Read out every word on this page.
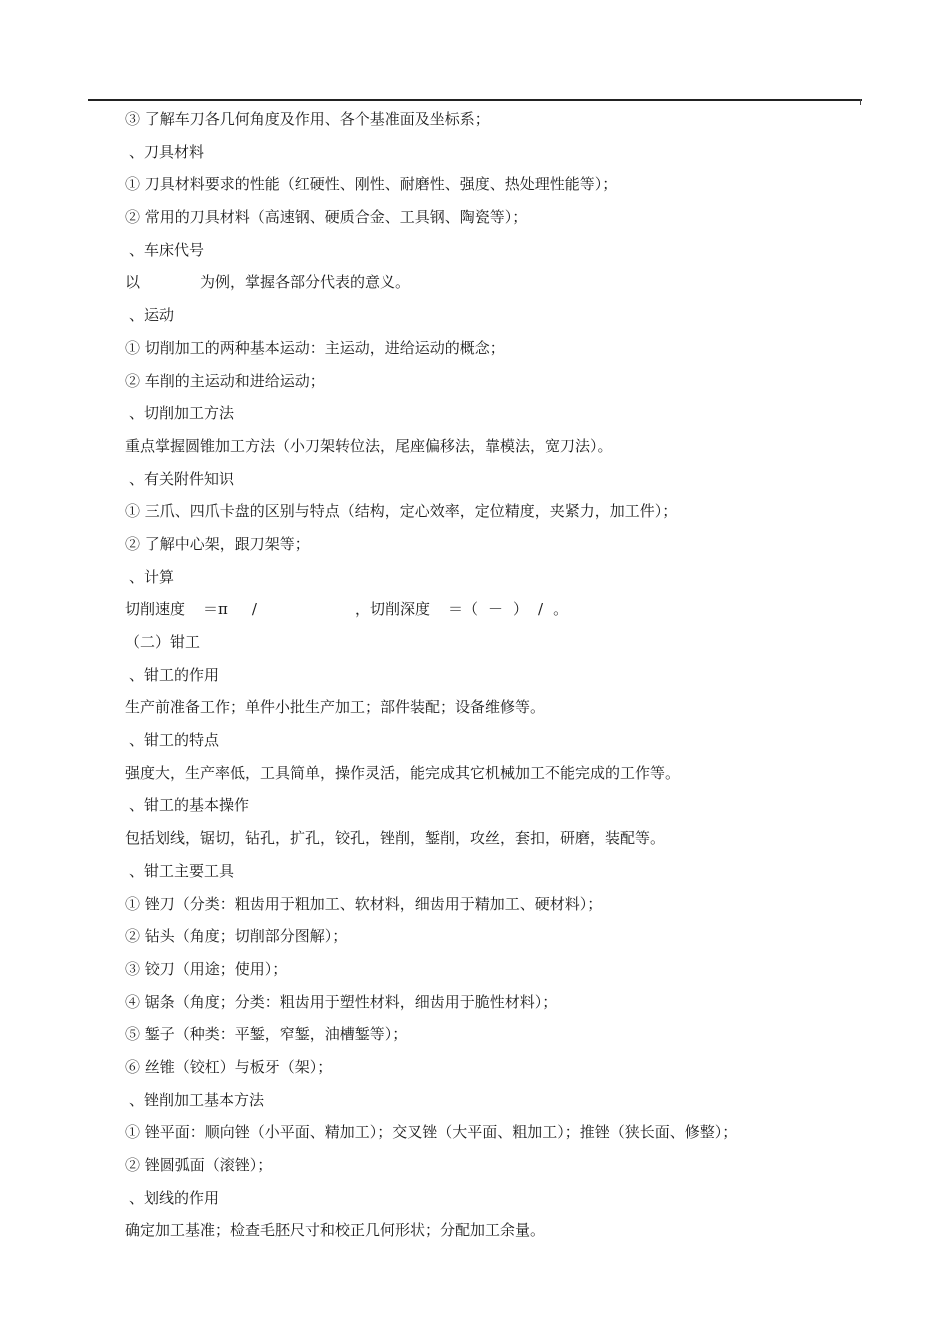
③ 了解车刀各几何角度及作用、各个基准面及坐标系；
、刀具材料
① 刀具材料要求的性能（红硬性、刚性、耐磨性、强度、热处理性能等）；
② 常用的刀具材料（高速钢、硬质合金、工具钢、陶瓷等）；
、车床代号
以	为例，掌握各部分代表的意义。
、运动
① 切削加工的两种基本运动：主运动，进给运动的概念；
② 车削的主运动和进给运动；
、切削加工方法
重点掌握圆锥加工方法（小刀架转位法，尾座偏移法，靠模法，宽刀法）。
、有关附件知识
① 三爪、四爪卡盘的区别与特点（结构，定心效率，定位精度，夹紧力，加工件）；
② 了解中心架，跟刀架等；
、计算
切削速度 ＝π /	，切削深度 ＝（ － ） / 。
（二）钳工
、钳工的作用
生产前准备工作；单件小批生产加工；部件装配；设备维修等。
、钳工的特点
强度大，生产率低，工具简单，操作灵活，能完成其它机械加工不能完成的工作等。
、钳工的基本操作
包括划线，锯切，钻孔，扩孔，铰孔，锉削，錾削，攻丝，套扣，研磨，装配等。
、钳工主要工具
① 锉刀（分类：粗齿用于粗加工、软材料，细齿用于精加工、硬材料）；
② 钻头（角度；切削部分图解）；
③ 铰刀（用途；使用）；
④ 锯条（角度；分类：粗齿用于塑性材料，细齿用于脆性材料）；
⑤ 錾子（种类：平錾，窄錾，油槽錾等）；
⑥ 丝锥（铰杠）与板牙（架）；
、锉削加工基本方法
① 锉平面：顺向锉（小平面、精加工）；交叉锉（大平面、粗加工）；推锉（狭长面、修整）；
② 锉圆弧面（滚锉）；
、划线的作用
确定加工基准；检查毛胚尺寸和校正几何形状；分配加工余量。
